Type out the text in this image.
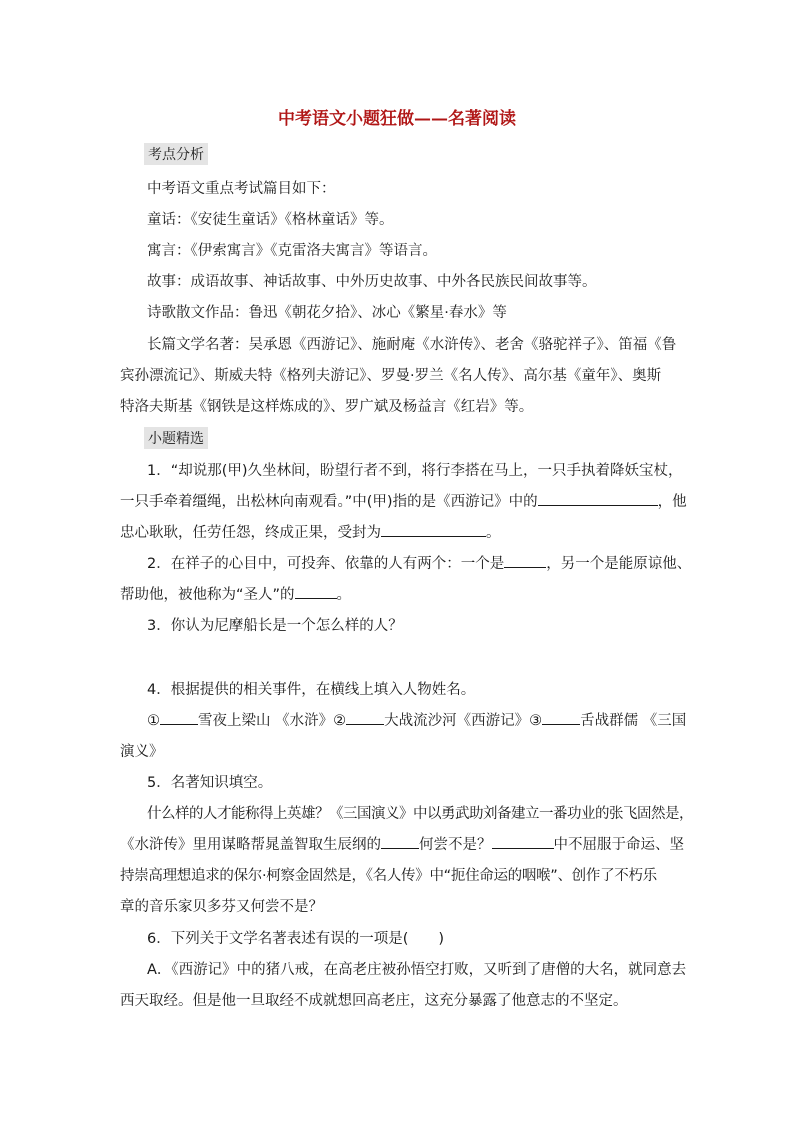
中考语文小题狂做——名著阅读
考点分析
中考语文重点考试篇目如下：
童话：《安徒生童话》《格林童话》等。
寓言：《伊索寓言》《克雷洛夫寓言》等语言。
故事：成语故事、神话故事、中外历史故事、中外各民族民间故事等。
诗歌散文作品：鲁迅《朝花夕拾》、冰心《繁星·春水》等
长篇文学名著：吴承恩《西游记》、施耐庵《水浒传》、老舍《骆驼祥子》、笛福《鲁
宾孙漂流记》、斯威夫特《格列夫游记》、罗曼·罗兰《名人传》、高尔基《童年》、奥斯
特洛夫斯基《钢铁是这样炼成的》、罗广斌及杨益言《红岩》等。
小题精选
1．“却说那(甲)久坐林间，盼望行者不到，将行李搭在马上，一只手执着降妖宝杖，
一只手牵着缰绳，出松林向南观看。”中(甲)指的是《西游记》中的	，他
忠心耿耿，任劳任怨，终成正果，受封为	。
2．在祥子的心目中，可投奔、依靠的人有两个：一个是	，另一个是能原谅他、
帮助他，被他称为“圣人”的	。
3．你认为尼摩船长是一个怎么样的人？
4．根据提供的相关事件，在横线上填入人物姓名。
①	雪夜上梁山 《水浒》②	大战流沙河《西游记》③	舌战群儒 《三国
演义》
5．名著知识填空。
什么样的人才能称得上英雄？《三国演义》中以勇武助刘备建立一番功业的张飞固然是，
《水浒传》里用谋略帮晁盖智取生辰纲的	何尝不是？	中不屈服于命运、坚
持崇高理想追求的保尔·柯察金固然是，《名人传》中“扼住命运的咽喉”、创作了不朽乐
章的音乐家贝多芬又何尝不是？
6．下列关于文学名著表述有误的一项是( )
A．《西游记》中的猪八戒，在高老庄被孙悟空打败，又听到了唐僧的大名，就同意去
西天取经。但是他一旦取经不成就想回高老庄，这充分暴露了他意志的不坚定。
